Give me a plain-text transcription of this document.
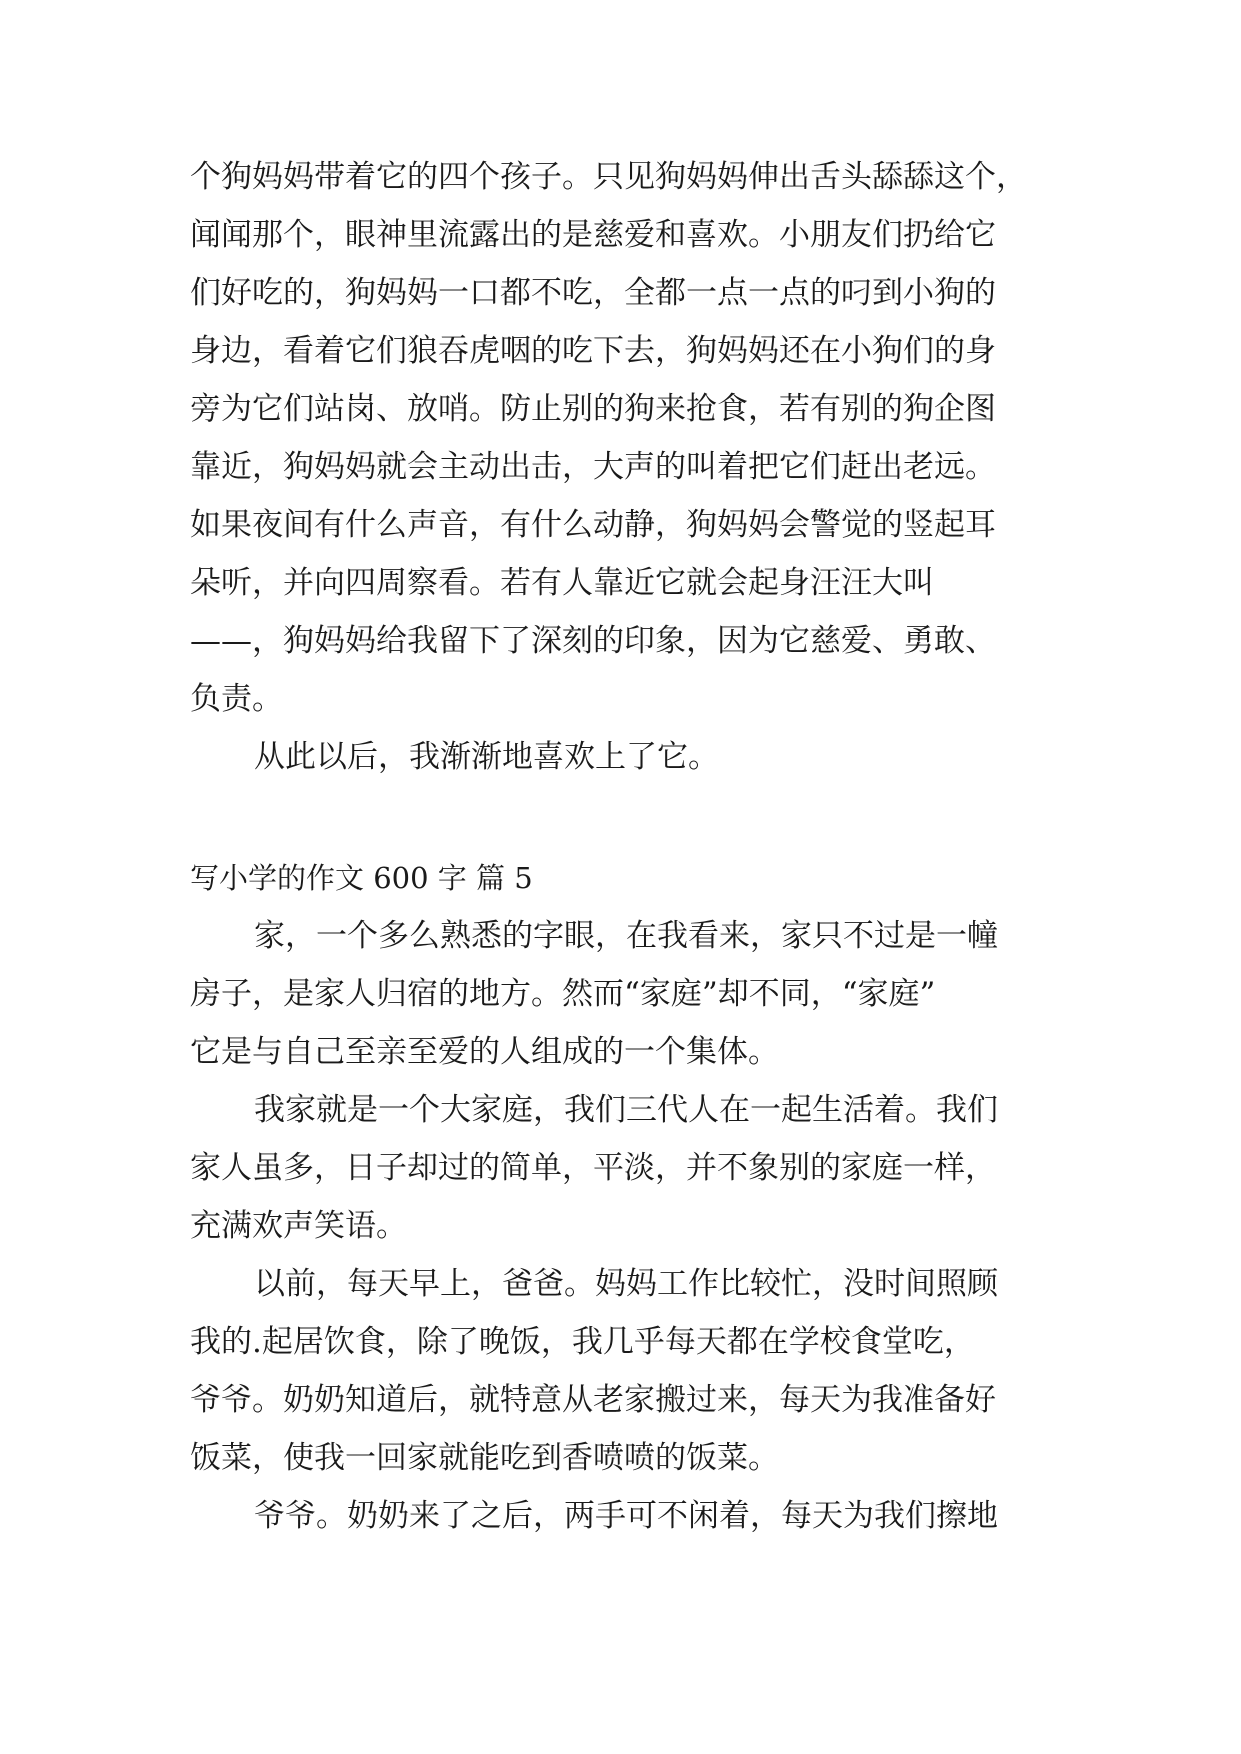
个狗妈妈带着它的四个孩子。只见狗妈妈伸出舌头舔舔这个，
闻闻那个，眼神里流露出的是慈爱和喜欢。小朋友们扔给它
们好吃的，狗妈妈一口都不吃，全都一点一点的叼到小狗的
身边，看着它们狼吞虎咽的吃下去，狗妈妈还在小狗们的身
旁为它们站岗、放哨。防止别的狗来抢食，若有别的狗企图
靠近，狗妈妈就会主动出击，大声的叫着把它们赶出老远。
如果夜间有什么声音，有什么动静，狗妈妈会警觉的竖起耳
朵听，并向四周察看。若有人靠近它就会起身汪汪大叫
——，狗妈妈给我留下了深刻的印象，因为它慈爱、勇敢、
负责。
从此以后，我渐渐地喜欢上了它。
写小学的作文 600 字 篇 5
家，一个多么熟悉的字眼，在我看来，家只不过是一幢
房子，是家人归宿的地方。然而“家庭”却不同，“家庭”
它是与自己至亲至爱的人组成的一个集体。
我家就是一个大家庭，我们三代人在一起生活着。我们
家人虽多，日子却过的简单，平淡，并不象别的家庭一样，
充满欢声笑语。
以前，每天早上，爸爸。妈妈工作比较忙，没时间照顾
我的.起居饮食，除了晚饭，我几乎每天都在学校食堂吃，
爷爷。奶奶知道后，就特意从老家搬过来，每天为我准备好
饭菜，使我一回家就能吃到香喷喷的饭菜。
爷爷。奶奶来了之后，两手可不闲着，每天为我们擦地
